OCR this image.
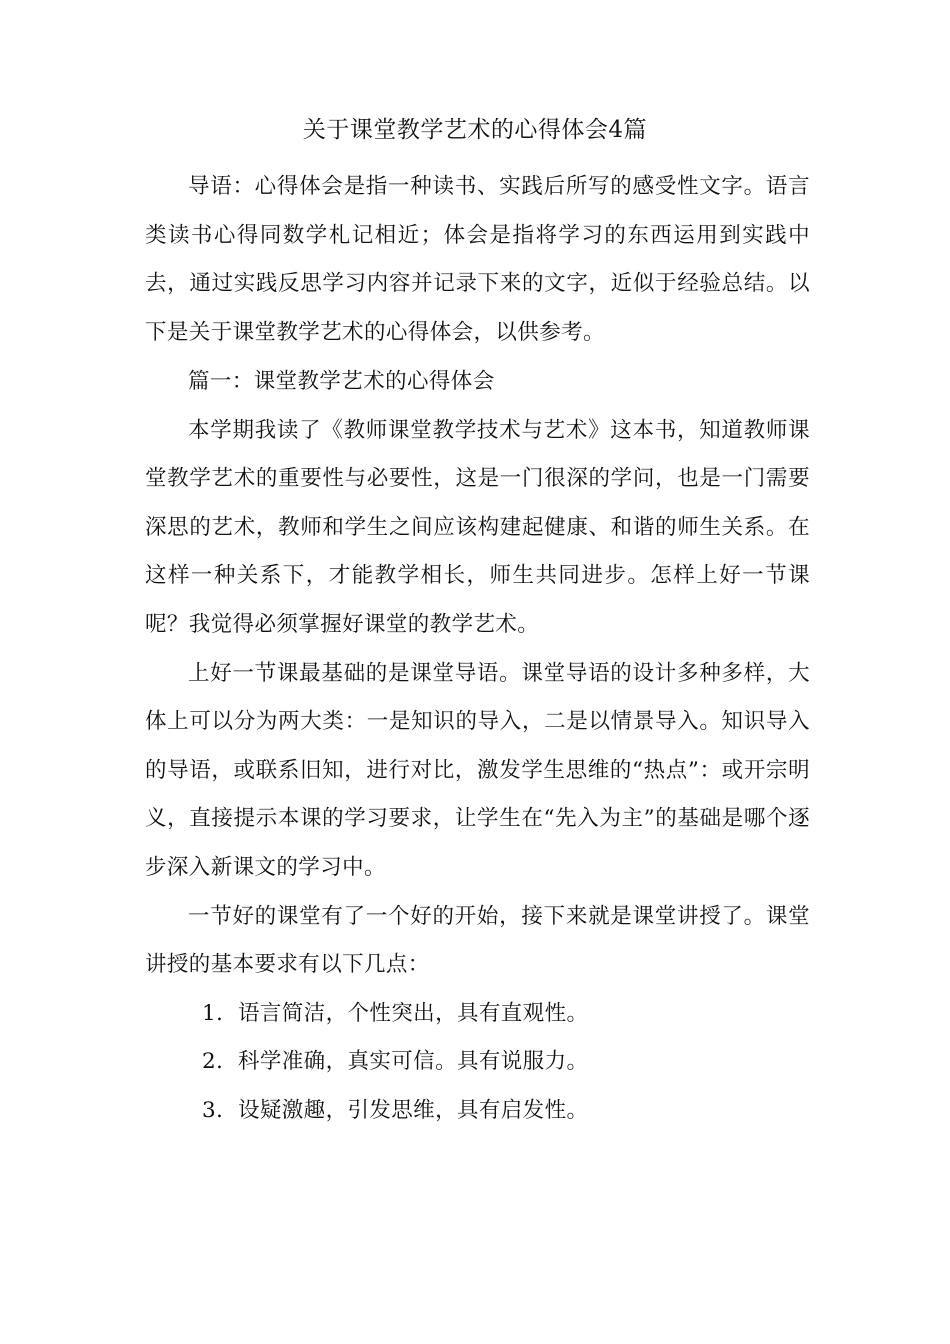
关于课堂教学艺术的心得体会4篇

导语：心得体会是指一种读书、实践后所写的感受性文字。语言类读书心得同数学札记相近；体会是指将学习的东西运用到实践中去，通过实践反思学习内容并记录下来的文字，近似于经验总结。以下是关于课堂教学艺术的心得体会，以供参考。

篇一：课堂教学艺术的心得体会

本学期我读了《教师课堂教学技术与艺术》这本书，知道教师课堂教学艺术的重要性与必要性，这是一门很深的学问，也是一门需要深思的艺术，教师和学生之间应该构建起健康、和谐的师生关系。在这样一种关系下，才能教学相长，师生共同进步。怎样上好一节课呢？我觉得必须掌握好课堂的教学艺术。

上好一节课最基础的是课堂导语。课堂导语的设计多种多样，大体上可以分为两大类：一是知识的导入，二是以情景导入。知识导入的导语，或联系旧知，进行对比，激发学生思维的“热点”：或开宗明义，直接提示本课的学习要求，让学生在“先入为主”的基础是哪个逐步深入新课文的学习中。

一节好的课堂有了一个好的开始，接下来就是课堂讲授了。课堂讲授的基本要求有以下几点：

1．语言简洁，个性突出，具有直观性。

2．科学准确，真实可信。具有说服力。

3．设疑激趣，引发思维，具有启发性。
